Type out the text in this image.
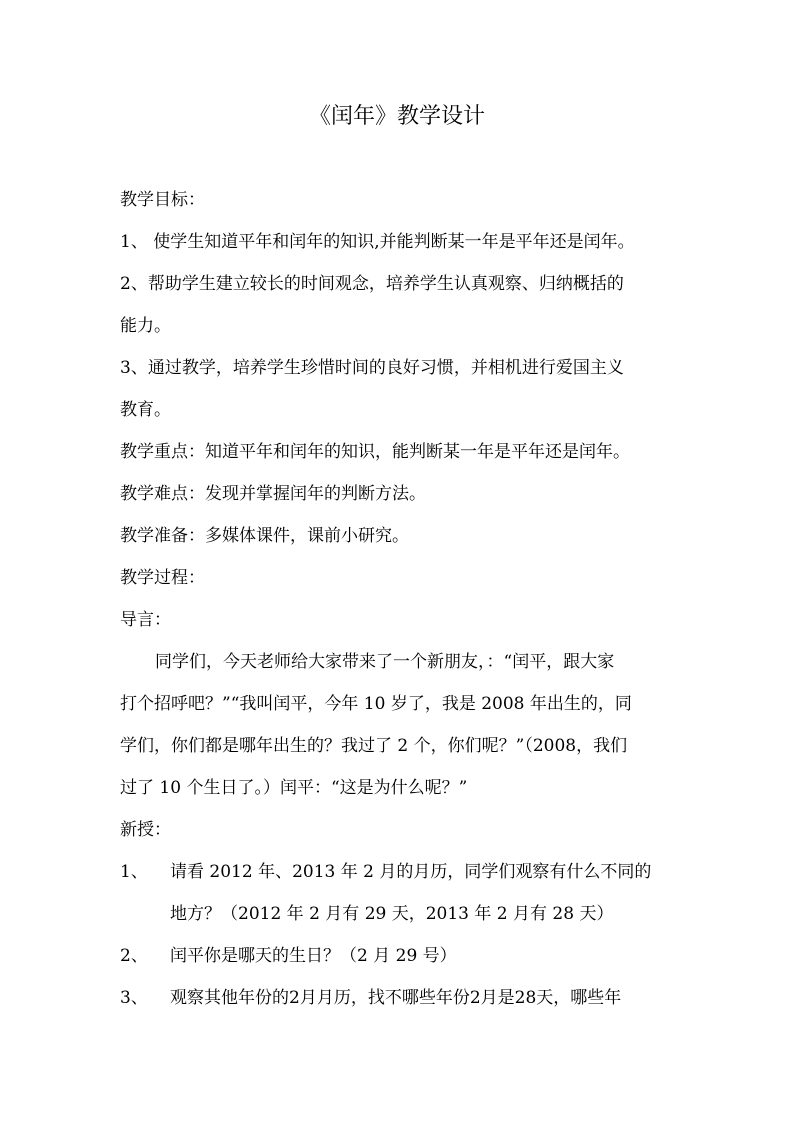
《闰年》教学设计
教学目标：
1、 使学生知道平年和闰年的知识,并能判断某一年是平年还是闰年。
2、帮助学生建立较长的时间观念，培养学生认真观察、归纳概括的
能力。
3、通过教学，培养学生珍惜时间的良好习惯，并相机进行爱国主义
教育。
教学重点：知道平年和闰年的知识，能判断某一年是平年还是闰年。
教学难点：发现并掌握闰年的判断方法。
教学准备：多媒体课件，课前小研究。
教学过程：
导言：
同学们，今天老师给大家带来了一个新朋友，：“闰平，跟大家
打个招呼吧？”“我叫闰平，今年 10 岁了，我是 2008 年出生的，同
学们，你们都是哪年出生的？我过了 2 个，你们呢？”（2008，我们
过了 10 个生日了。）闰平：“这是为什么呢？”
新授：
1、 请看 2012 年、2013 年 2 月的月历，同学们观察有什么不同的
地方？（2012 年 2 月有 29 天，2013 年 2 月有 28 天）
2、 闰平你是哪天的生日？（2 月 29 号）
3、 观察其他年份的2月月历，找不哪些年份2月是28天，哪些年
